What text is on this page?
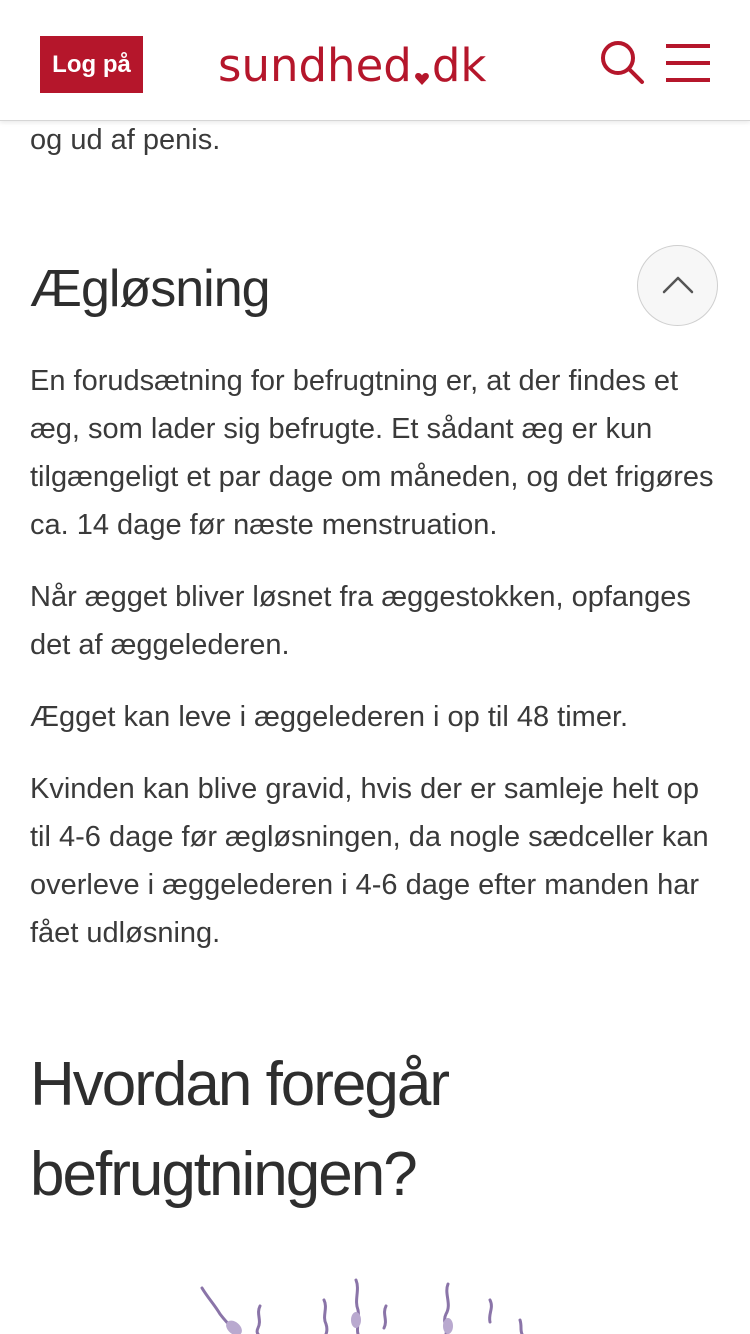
Log på sundhed dk

og ud af penis.

Ægløsning

En forudsætning for befrugtning er, at der findes et æg, som lader sig befrugte. Et sådant æg er kun tilgængeligt et par dage om måneden, og det frigøres ca. 14 dage før næste menstruation.

Når ægget bliver løsnet fra æggestokken, opfanges det af æggelederen.

Ægget kan leve i æggelederen i op til 48 timer.

Kvinden kan blive gravid, hvis der er samleje helt op til 4-6 dage før ægløsningen, da nogle sædceller kan overleve i æggelederen i 4-6 dage efter manden har fået udløsning.

Hvordan foregår befrugtningen?
